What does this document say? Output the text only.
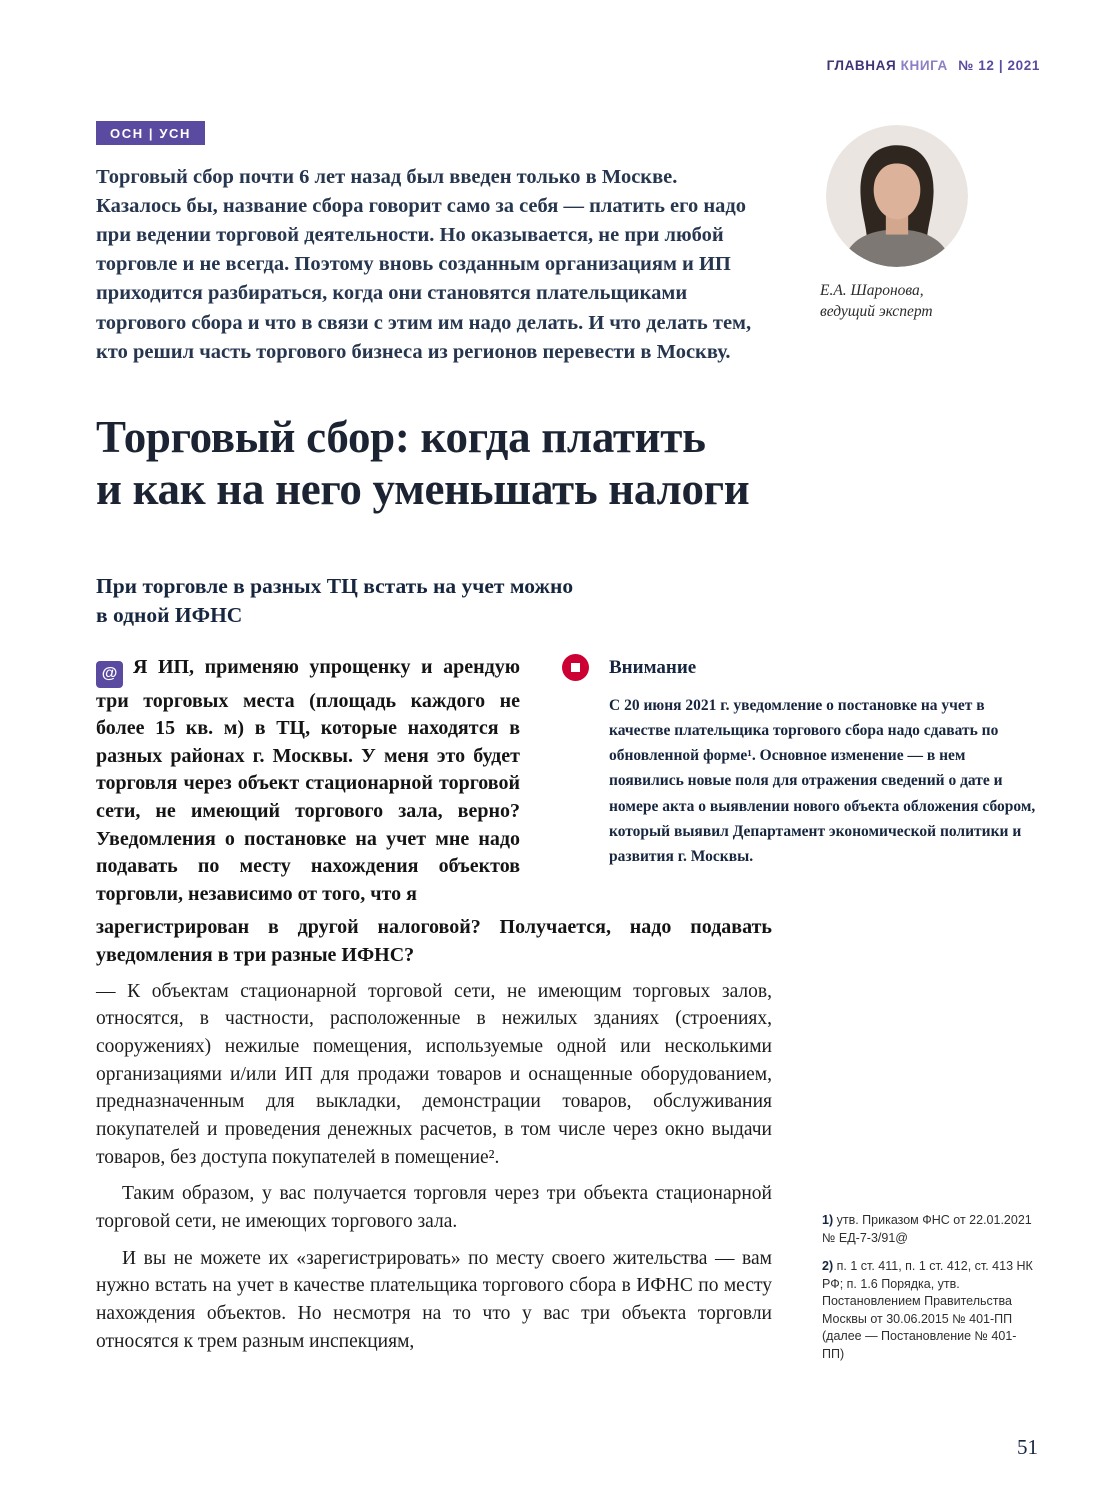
ГЛАВНАЯ КНИГА № 12 | 2021
ОСН | УСН
Торговый сбор почти 6 лет назад был введен только в Москве. Казалось бы, название сбора говорит само за себя — платить его надо при ведении торговой деятельности. Но оказывается, не при любой торговле и не всегда. Поэтому вновь созданным организациям и ИП приходится разбираться, когда они становятся плательщиками торгового сбора и что в связи с этим им надо делать. И что делать тем, кто решил часть торгового бизнеса из регионов перевести в Москву.
Е.А. Шаронова,
ведущий эксперт
Торговый сбор: когда платить
и как на него уменьшать налоги
При торговле в разных ТЦ встать на учет можно
в одной ИФНС
@ Я ИП, применяю упрощенку и арендую три торговых места (площадь каждого не более 15 кв. м) в ТЦ, которые находятся в разных районах г. Москвы. У меня это будет торговля через объект стационарной торговой сети, не имеющий торгового зала, верно? Уведомления о постановке на учет мне надо подавать по месту нахождения объектов торговли, независимо от того, что я
Внимание
С 20 июня 2021 г. уведомление о постановке на учет в качестве плательщика торгового сбора надо сдавать по обновленной форме¹. Основное изменение — в нем появились новые поля для отражения сведений о дате и номере акта о выявлении нового объекта обложения сбором, который выявил Департамент экономической политики и развития г. Москвы.
зарегистрирован в другой налоговой? Получается, надо подавать уведомления в три разные ИФНС?

— К объектам стационарной торговой сети, не имеющим торговых залов, относятся, в частности, расположенные в нежилых зданиях (строениях, сооружениях) нежилые помещения, используемые одной или несколькими организациями и/или ИП для продажи товаров и оснащенные оборудованием, предназначенным для выкладки, демонстрации товаров, обслуживания покупателей и проведения денежных расчетов, в том числе через окно выдачи товаров, без доступа покупателей в помещение².

Таким образом, у вас получается торговля через три объекта стационарной торговой сети, не имеющих торгового зала.

И вы не можете их «зарегистрировать» по месту своего жительства — вам нужно встать на учет в качестве плательщика торгового сбора в ИФНС по месту нахождения объектов. Но несмотря на то что у вас три объекта торговли относятся к трем разным инспекциям,

1) утв. Приказом ФНС от 22.01.2021 № ЕД-7-3/91@
2) п. 1 ст. 411, п. 1 ст. 412, ст. 413 НК РФ; п. 1.6 Порядка, утв. Постановлением Правительства Москвы от 30.06.2015 № 401-ПП (далее — Постановление № 401-ПП)
51
